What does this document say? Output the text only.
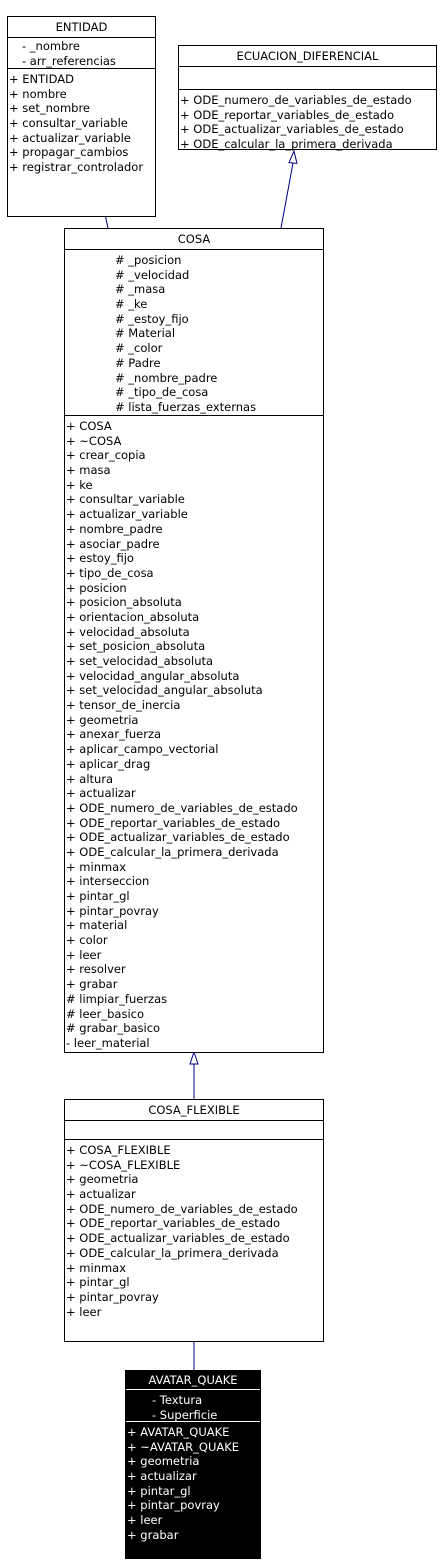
ENTIDAD
- _nombre
- arr_referencias
+ ENTIDAD
+ nombre
+ set_nombre
+ consultar_variable
+ actualizar_variable
+ propagar_cambios
+ registrar_controlador
ECUACION_DIFERENCIAL
+ ODE_numero_de_variables_de_estado
+ ODE_reportar_variables_de_estado
+ ODE_actualizar_variables_de_estado
+ ODE_calcular_la_primera_derivada
COSA
# _posicion
# _velocidad
# _masa
# _ke
# _estoy_fijo
# Material
# _color
# Padre
# _nombre_padre
# _tipo_de_cosa
# lista_fuerzas_externas
+ COSA
+ ~COSA
+ crear_copia
+ masa
+ ke
+ consultar_variable
+ actualizar_variable
+ nombre_padre
+ asociar_padre
+ estoy_fijo
+ tipo_de_cosa
+ posicion
+ posicion_absoluta
+ orientacion_absoluta
+ velocidad_absoluta
+ set_posicion_absoluta
+ set_velocidad_absoluta
+ velocidad_angular_absoluta
+ set_velocidad_angular_absoluta
+ tensor_de_inercia
+ geometria
+ anexar_fuerza
+ aplicar_campo_vectorial
+ aplicar_drag
+ altura
+ actualizar
+ ODE_numero_de_variables_de_estado
+ ODE_reportar_variables_de_estado
+ ODE_actualizar_variables_de_estado
+ ODE_calcular_la_primera_derivada
+ minmax
+ interseccion
+ pintar_gl
+ pintar_povray
+ material
+ color
+ leer
+ resolver
+ grabar
# limpiar_fuerzas
# leer_basico
# grabar_basico
- leer_material
COSA_FLEXIBLE
+ COSA_FLEXIBLE
+ ~COSA_FLEXIBLE
+ geometria
+ actualizar
+ ODE_numero_de_variables_de_estado
+ ODE_reportar_variables_de_estado
+ ODE_actualizar_variables_de_estado
+ ODE_calcular_la_primera_derivada
+ minmax
+ pintar_gl
+ pintar_povray
+ leer
AVATAR_QUAKE
- Textura
- Superficie
+ AVATAR_QUAKE
+ ~AVATAR_QUAKE
+ geometria
+ actualizar
+ pintar_gl
+ pintar_povray
+ leer
+ grabar
